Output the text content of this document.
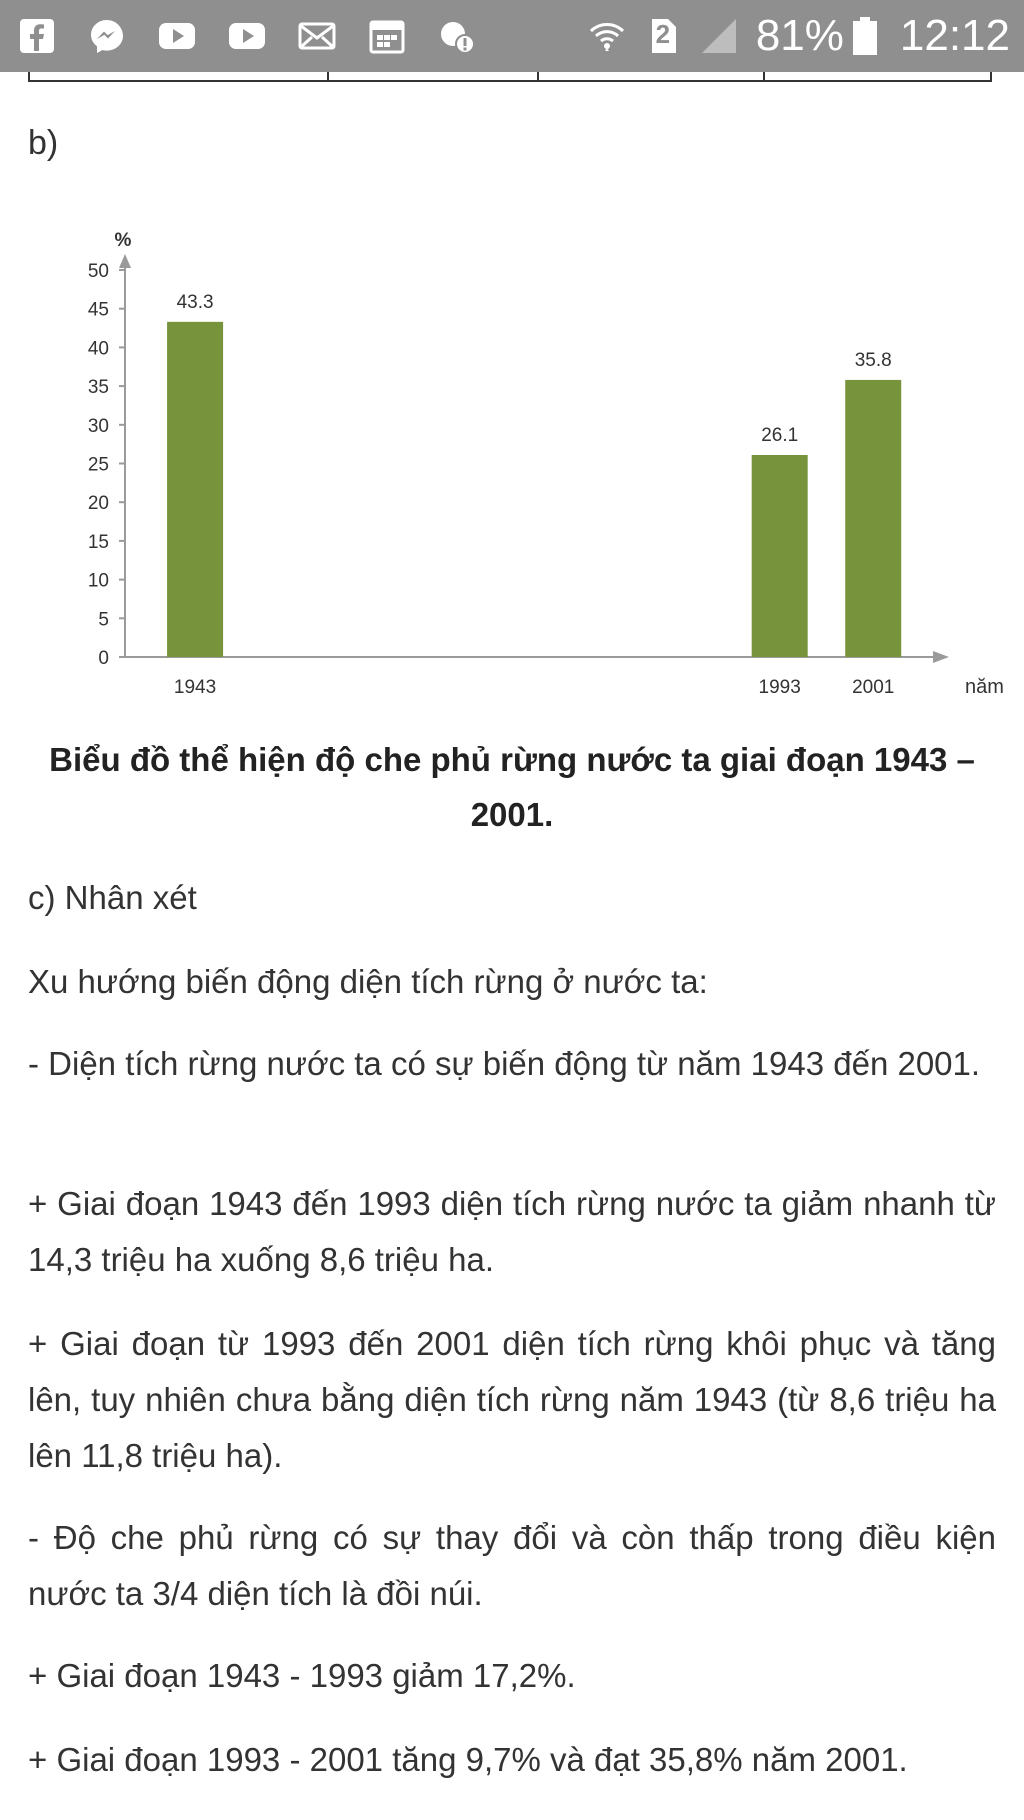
2 81% 12:12
b)
0
5
10
15
20
25
30
35
40
45
50
%
năm
43.3
1943
26.1
1993
35.8
2001
Biểu đồ thể hiện độ che phủ rừng nước ta giai đoạn 1943 – 2001.
c) Nhân xét
Xu hướng biến động diện tích rừng ở nước ta:
- Diện tích rừng nước ta có sự biến động từ năm 1943 đến 2001.
+ Giai đoạn 1943 đến 1993 diện tích rừng nước ta giảm nhanh từ 14,3 triệu ha xuống 8,6 triệu ha.
+ Giai đoạn từ 1993 đến 2001 diện tích rừng khôi phục và tăng lên, tuy nhiên chưa bằng diện tích rừng năm 1943 (từ 8,6 triệu ha lên 11,8 triệu ha).
- Độ che phủ rừng có sự thay đổi và còn thấp trong điều kiện nước ta 3/4 diện tích là đồi núi.
+ Giai đoạn 1943 - 1993 giảm 17,2%.
+ Giai đoạn 1993 - 2001 tăng 9,7% và đạt 35,8% năm 2001.
